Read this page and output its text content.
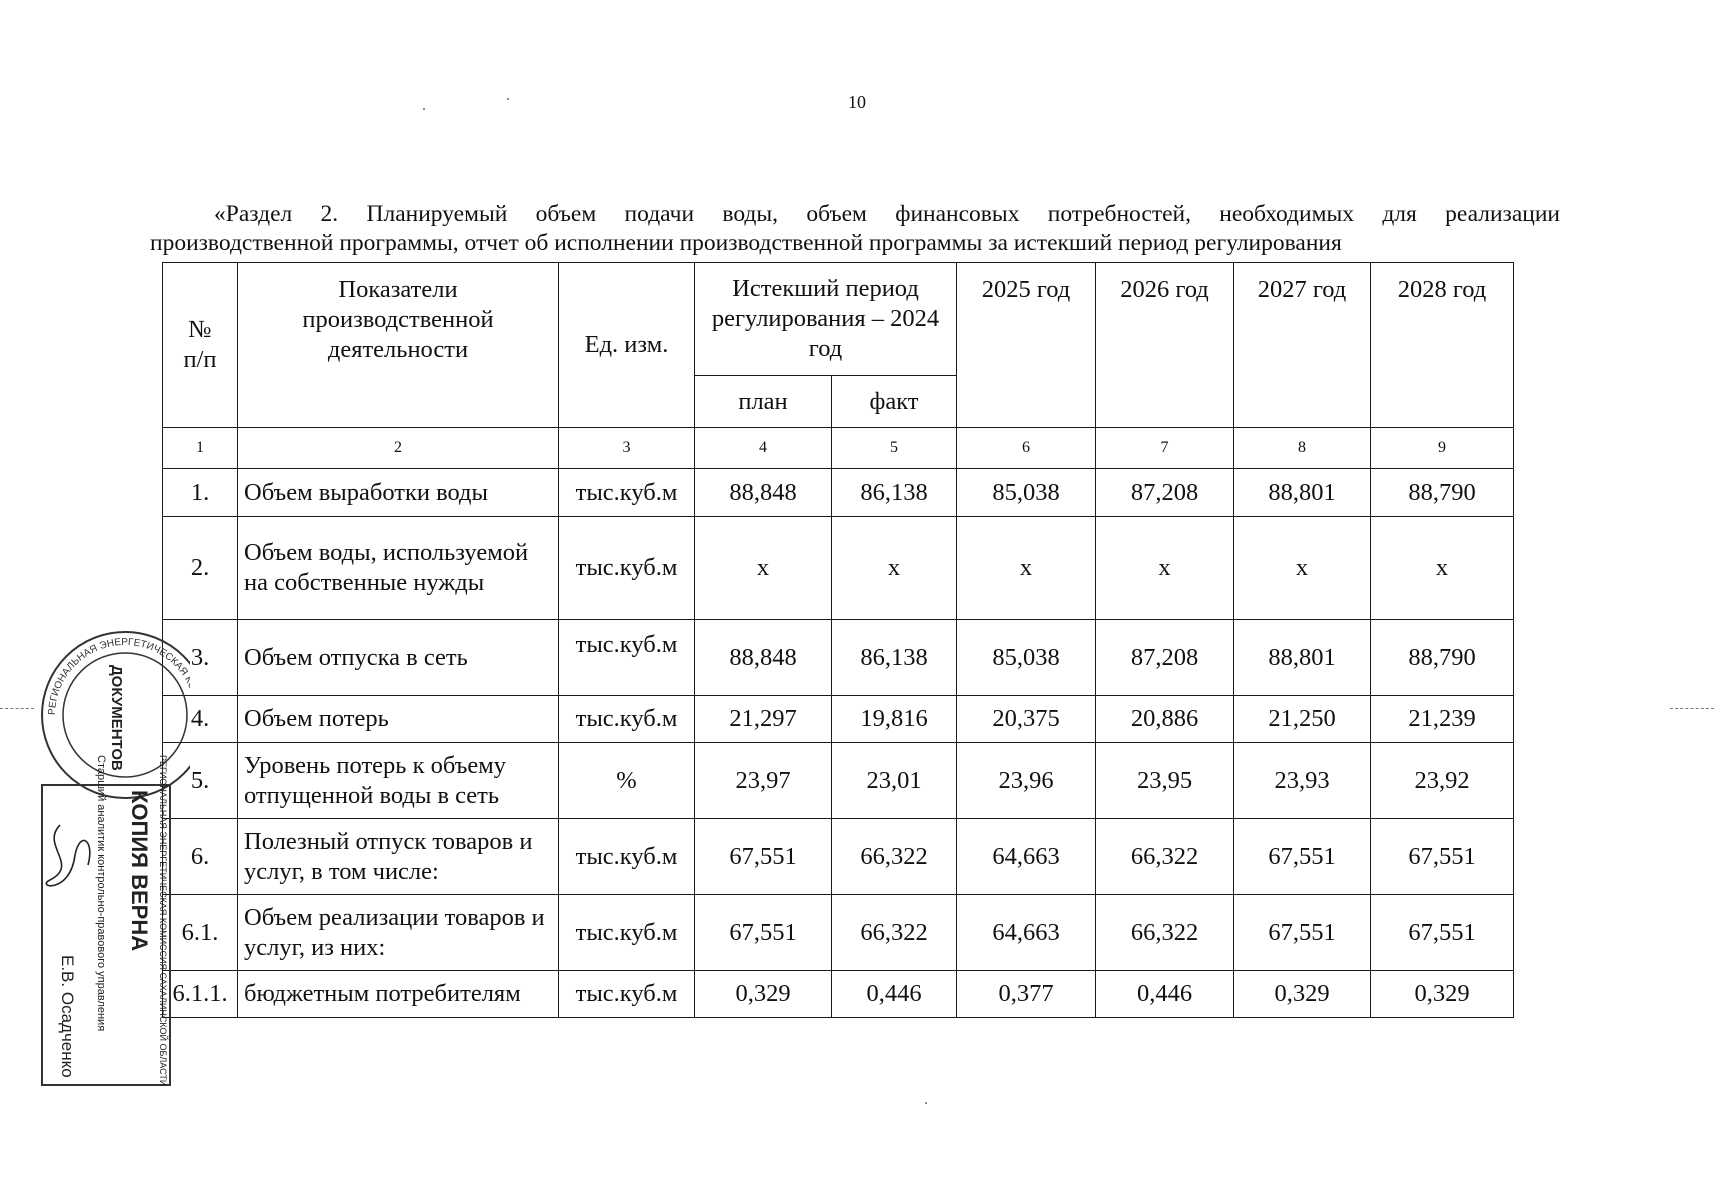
10
«Раздел 2. Планируемый объем подачи воды, объем финансовых потребностей, необходимых для реализации
производственной программы, отчет об исполнении производственной программы за истекший период регулирования
№
п/п	Показатели производственной деятельности	Ед. изм.	Истекший период регулирования – 2024 год		2025 год	2026 год	2027 год	2028 год
			план	факт				
1	2	3	4	5	6	7	8	9
1.	Объем выработки воды	тыс.куб.м	88,848	86,138	85,038	87,208	88,801	88,790
2.	Объем воды, используемой на собственные нужды	тыс.куб.м	х	х	х	х	х	х
3.	Объем отпуска в сеть	тыс.куб.м	88,848	86,138	85,038	87,208	88,801	88,790
4.	Объем потерь	тыс.куб.м	21,297	19,816	20,375	20,886	21,250	21,239
5.	Уровень потерь к объему отпущенной воды в сеть	%	23,97	23,01	23,96	23,95	23,93	23,92
6.	Полезный отпуск товаров и услуг, в том числе:	тыс.куб.м	67,551	66,322	64,663	66,322	67,551	67,551
6.1.	Объем реализации товаров и услуг, из них:	тыс.куб.м	67,551	66,322	64,663	66,322	67,551	67,551
6.1.1.	бюджетным потребителям	тыс.куб.м	0,329	0,446	0,377	0,446	0,329	0,329
РЕГИОНАЛЬНАЯ ЭНЕРГЕТИЧЕСКАЯ
ДОКУМЕНТОВ
КОПИЯ ВЕРНА
Старший аналитик контрольно-правового управления	РЕГИОНАЛЬНАЯ ЭНЕРГЕТИЧЕСКАЯ КОМИССИЯ САХАЛИНСКОЙ ОБЛАСТИ
Е.В. Осадченко
